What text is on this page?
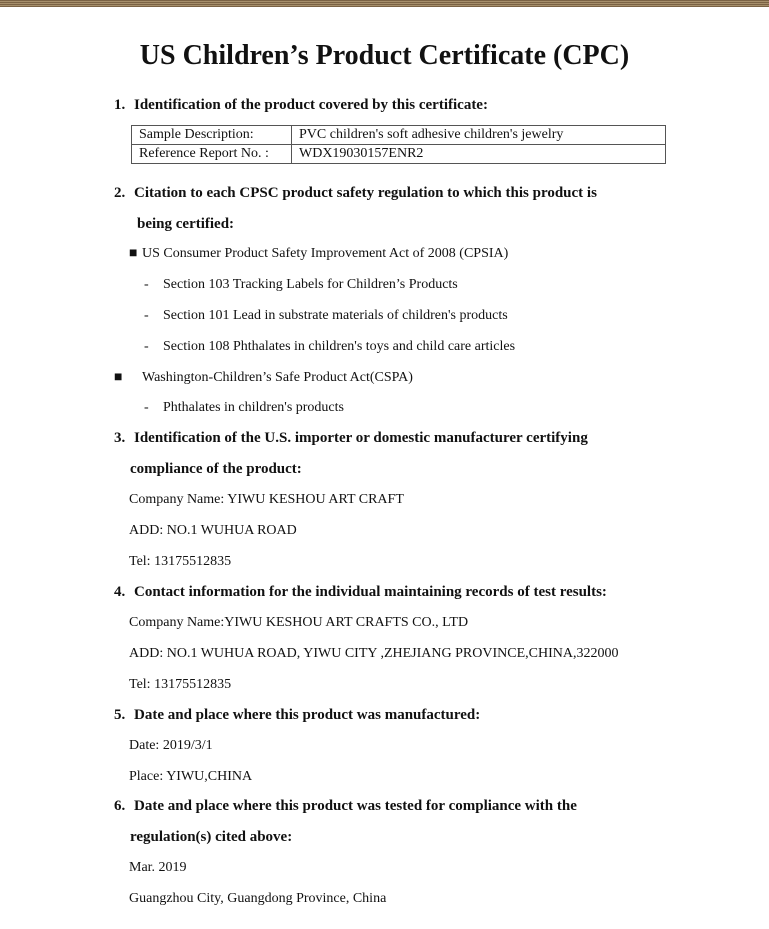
US Children’s Product Certificate (CPC)
1. Identification of the product covered by this certificate:
Sample Description:	PVC children's soft adhesive children's jewelry
Reference Report No. :	WDX19030157ENR2
2. Citation to each CPSC product safety regulation to which this product is
being certified:
■ US Consumer Product Safety Improvement Act of 2008 (CPSIA)
- Section 103 Tracking Labels for Children’s Products
- Section 101 Lead in substrate materials of children's products
- Section 108 Phthalates in children's toys and child care articles
■ Washington-Children’s Safe Product Act(CSPA)
- Phthalates in children's products
3. Identification of the U.S. importer or domestic manufacturer certifying
compliance of the product:
Company Name: YIWU KESHOU ART CRAFT
ADD: NO.1 WUHUA ROAD
Tel: 13175512835
4. Contact information for the individual maintaining records of test results:
Company Name:YIWU KESHOU ART CRAFTS CO., LTD
ADD: NO.1 WUHUA ROAD, YIWU CITY ,ZHEJIANG PROVINCE,CHINA,322000
Tel: 13175512835
5. Date and place where this product was manufactured:
Date: 2019/3/1
Place: YIWU,CHINA
6. Date and place where this product was tested for compliance with the
regulation(s) cited above:
Mar. 2019
Guangzhou City, Guangdong Province, China
